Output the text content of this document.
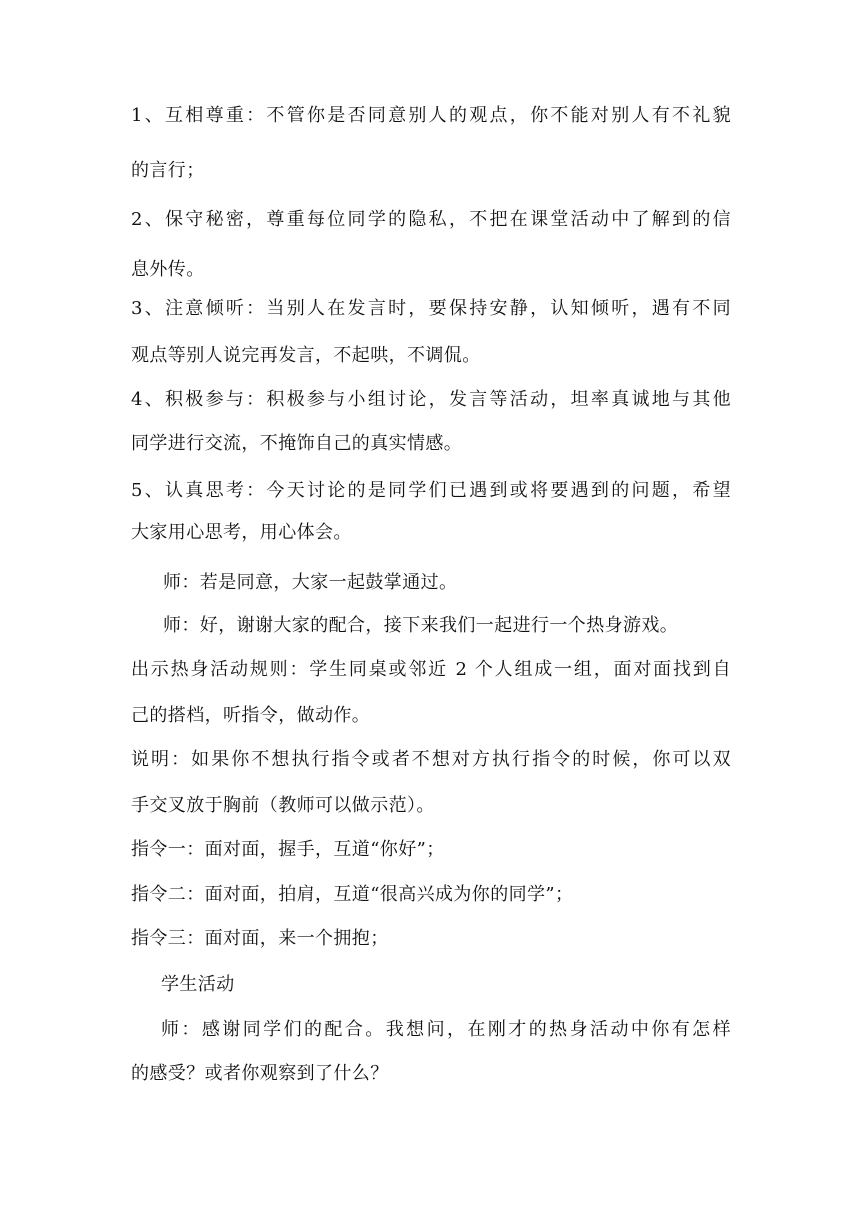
1、互相尊重：不管你是否同意别人的观点，你不能对别人有不礼貌
的言行；
2、保守秘密，尊重每位同学的隐私，不把在课堂活动中了解到的信
息外传。
3、注意倾听：当别人在发言时，要保持安静，认知倾听，遇有不同
观点等别人说完再发言，不起哄，不调侃。
4、积极参与：积极参与小组讨论，发言等活动，坦率真诚地与其他
同学进行交流，不掩饰自己的真实情感。
5、认真思考：今天讨论的是同学们已遇到或将要遇到的问题，希望
大家用心思考，用心体会。
师：若是同意，大家一起鼓掌通过。
师：好，谢谢大家的配合，接下来我们一起进行一个热身游戏。
出示热身活动规则：学生同桌或邻近 2 个人组成一组，面对面找到自
己的搭档，听指令，做动作。
说明：如果你不想执行指令或者不想对方执行指令的时候，你可以双
手交叉放于胸前（教师可以做示范）。
指令一：面对面，握手，互道“你好”；
指令二：面对面，拍肩，互道“很高兴成为你的同学”；
指令三：面对面，来一个拥抱；
学生活动
师：感谢同学们的配合。我想问，在刚才的热身活动中你有怎样
的感受？或者你观察到了什么？
